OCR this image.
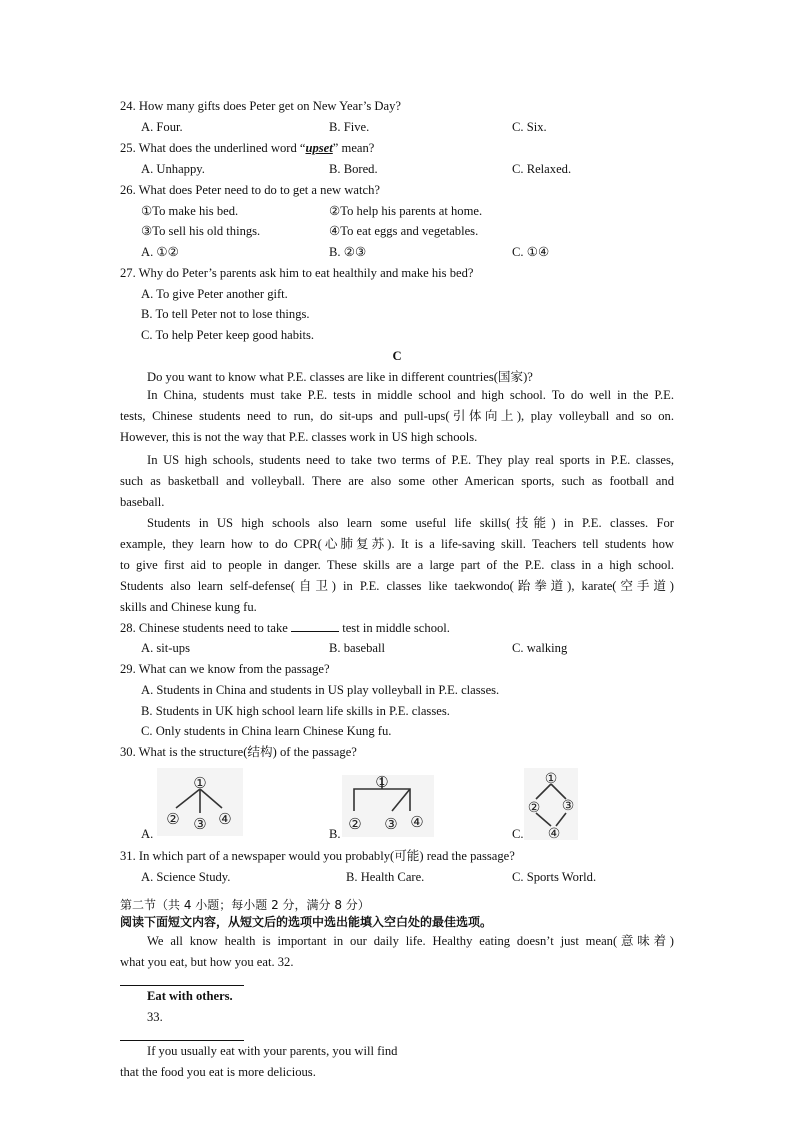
24. How many gifts does Peter get on New Year’s Day?
A. Four.	B. Five.	C. Six.
25. What does the underlined word “upset” mean?
A. Unhappy.	B. Bored.	C. Relaxed.
26. What does Peter need to do to get a new watch?
①To make his bed.	②To help his parents at home.
③To sell his old things.	④To eat eggs and vegetables.
A. ①②	B. ②③	C. ①④
27. Why do Peter’s parents ask him to eat healthily and make his bed?
A. To give Peter another gift.
B. To tell Peter not to lose things.
C. To help Peter keep good habits.
C
Do you want to know what P.E. classes are like in different countries(国家)?
In China, students must take P.E. tests in middle school and high school. To do well in the P.E.
tests, Chinese students need to run, do sit-ups and pull-ups(引体向上), play volleyball and so on.
However, this is not the way that P.E. classes work in US high schools.
In US high schools, students need to take two terms of P.E. They play real sports in P.E. classes,
such as basketball and volleyball. There are also some other American sports, such as football and
baseball.
Students in US high schools also learn some useful life skills(技能) in P.E. classes. For
example, they learn how to do CPR(心肺复苏). It is a life-saving skill. Teachers tell students how
to give first aid to people in danger. These skills are a large part of the P.E. class in a high school.
Students also learn self-defense(自卫) in P.E. classes like taekwondo(跆拳道), karate(空手道)
skills and Chinese kung fu.
28. Chinese students need to take	test in middle school.
A. sit-ups	B. baseball	C. walking
29. What can we know from the passage?
A. Students in China and students in US play volleyball in P.E. classes.
B. Students in UK high school learn life skills in P.E. classes.
C. Only students in China learn Chinese Kung fu.
30. What is the structure(结构) of the passage?
A.
①
② ③ ④
B.
①
② ③ ④
C.
①
② ③
④
31. In which part of a newspaper would you probably(可能) read the passage?
A. Science Study.	B. Health Care.	C. Sports World.
第二节（共 4 小题；每小题 2 分，满分 8 分）
阅读下面短文内容，从短文后的选项中选出能填入空白处的最佳选项。
We all know health is important in our daily life. Healthy eating doesn’t just mean(意味着)
what you eat, but how you eat. 32.
Eat with others.
33.
If you usually eat with your parents, you will find
that the food you eat is more delicious.
